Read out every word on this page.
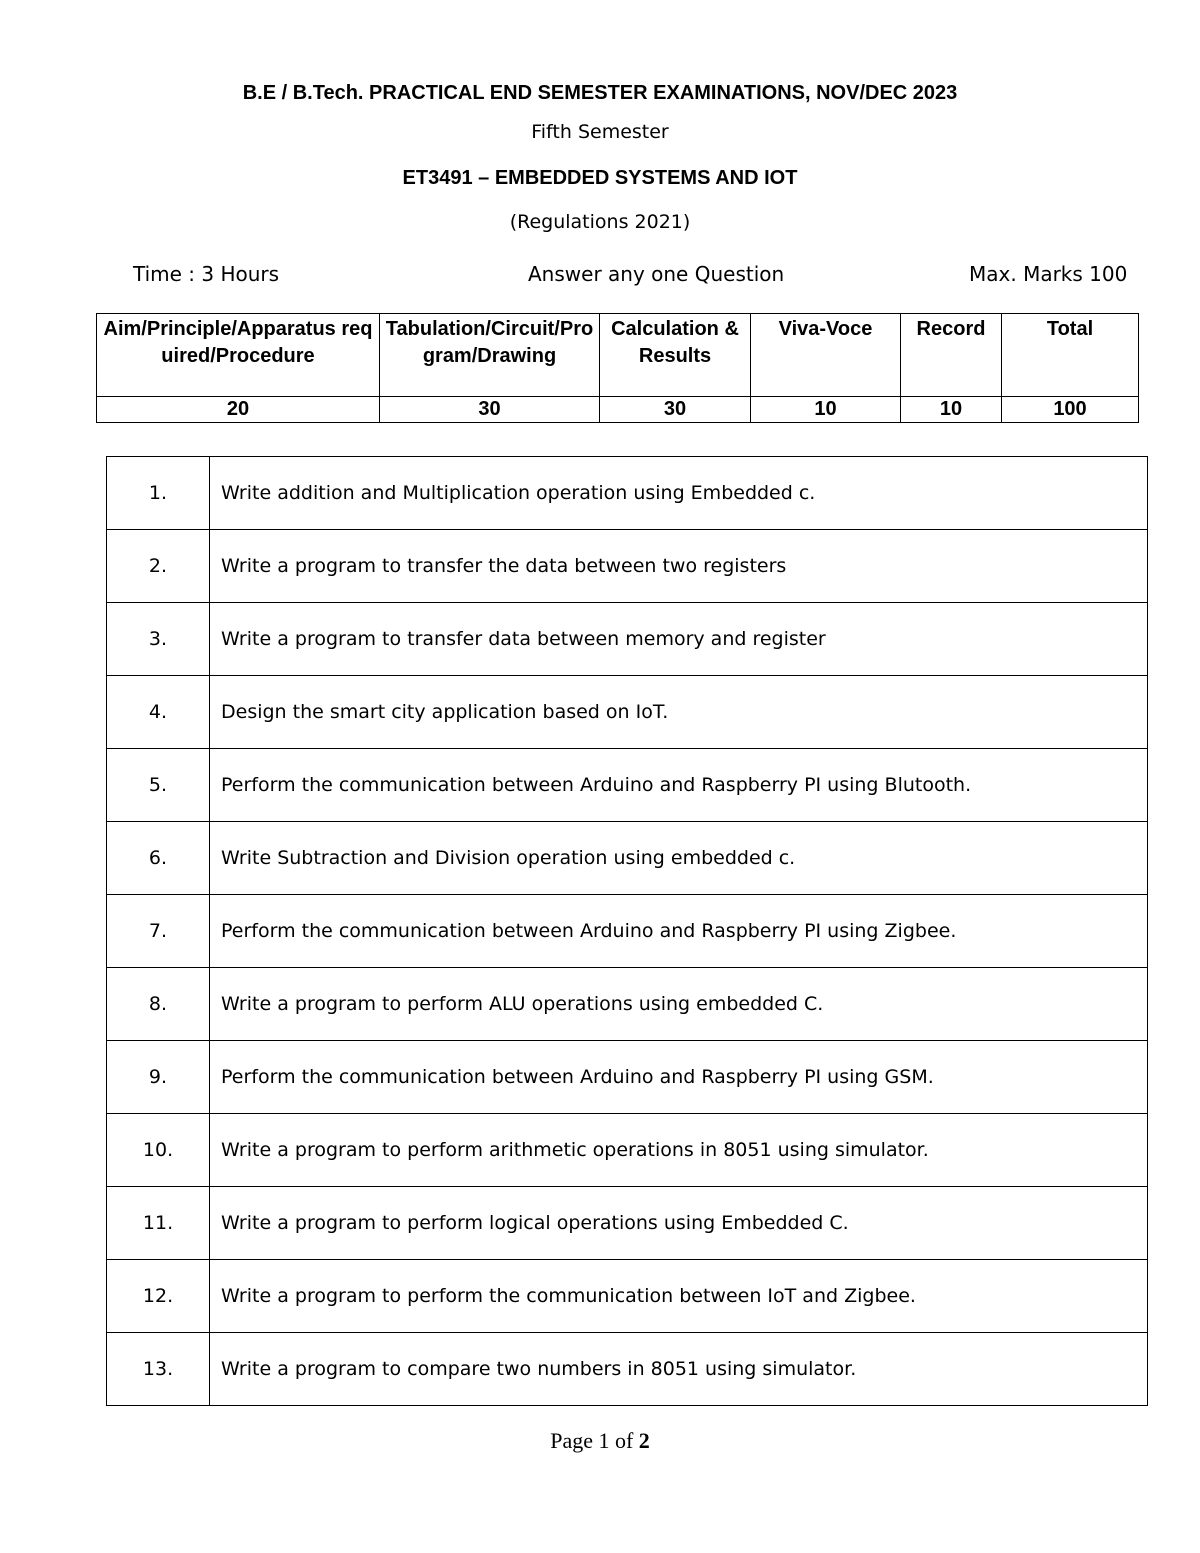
B.E / B.Tech. PRACTICAL END SEMESTER EXAMINATIONS, NOV/DEC 2023
Fifth Semester
ET3491 – EMBEDDED SYSTEMS AND IOT
(Regulations 2021)
Time : 3 Hours	Answer any one Question	Max. Marks 100
Aim/Principle/Apparatus required/Procedure	Tabulation/Circuit/Program/Drawing	Calculation & Results	Viva-Voce	Record	Total
20	30	30	10	10	100
1.	Write addition and Multiplication operation using Embedded c.
2.	Write a program to transfer the data between two registers
3.	Write a program to transfer data between memory and register
4.	Design the smart city application based on IoT.
5.	Perform the communication between Arduino and Raspberry PI using Blutooth.
6.	Write Subtraction and Division operation using embedded c.
7.	Perform the communication between Arduino and Raspberry PI using Zigbee.
8.	Write a program to perform ALU operations using embedded C.
9.	Perform the communication between Arduino and Raspberry PI using GSM.
10.	Write a program to perform arithmetic operations in 8051 using simulator.
11.	Write a program to perform logical operations using Embedded C.
12.	Write a program to perform the communication between IoT and Zigbee.
13.	Write a program to compare two numbers in 8051 using simulator.
Page 1 of 2
